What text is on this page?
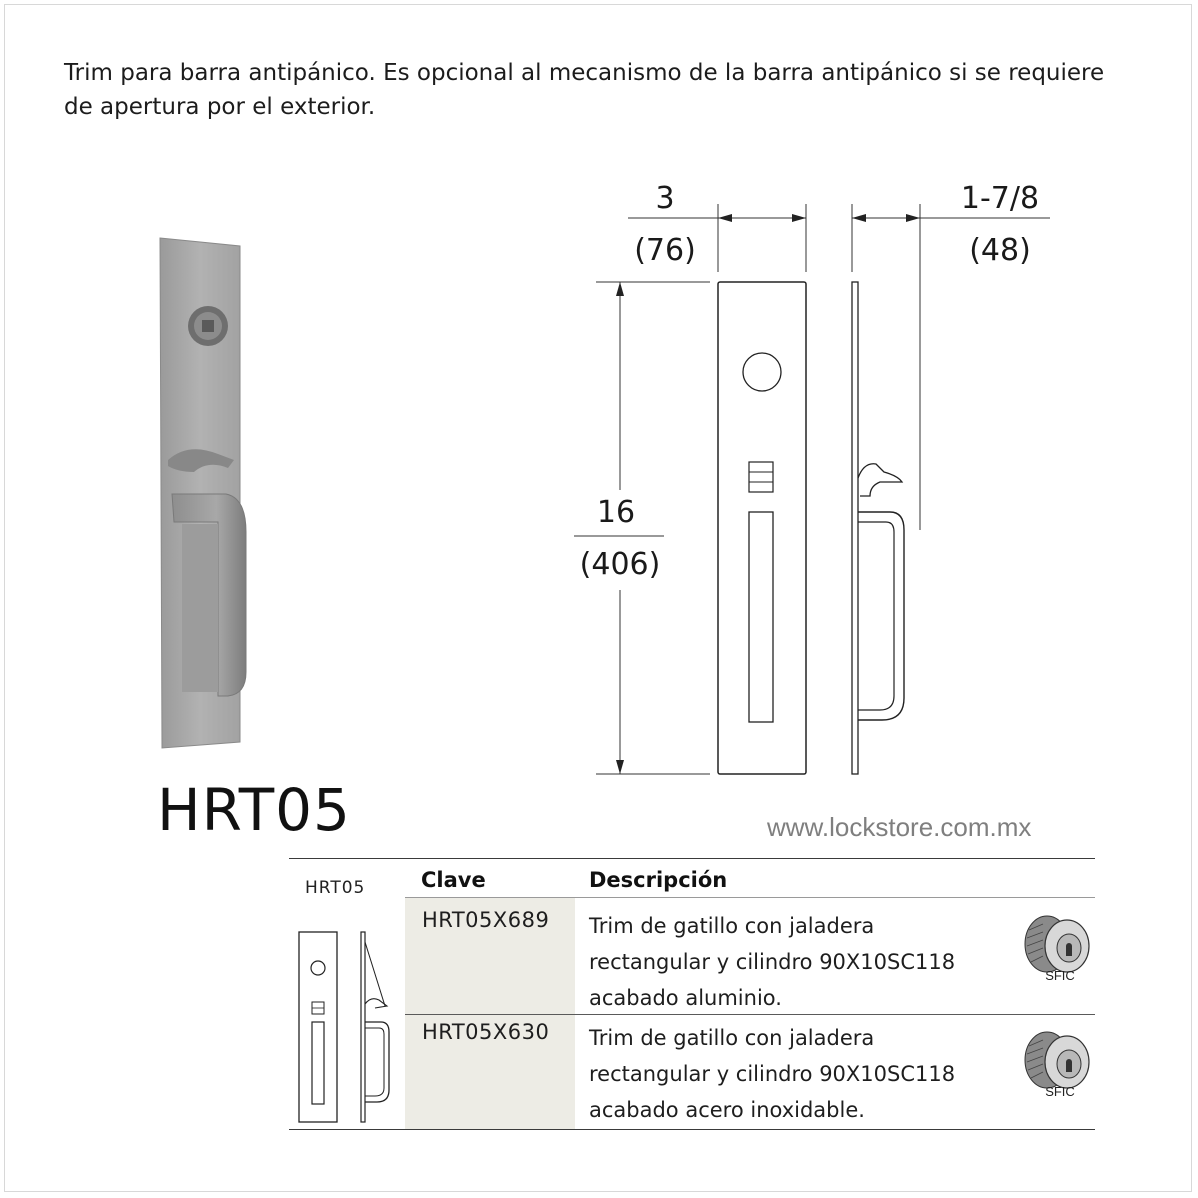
Trim para barra antipánico. Es opcional al mecanismo de la barra antipánico si se requiere de apertura por el exterior.

3
(76)
1-7/8
(48)
16
(406)
HRT05	www.lockstore.com.mx
HRT05	Clave	Descripción
HRT05X689 Trim de gatillo con jaladera
rectangular y cilindro 90X10SC118
acabado aluminio.
SFIC
HRT05X630 Trim de gatillo con jaladera
rectangular y cilindro 90X10SC118
acabado acero inoxidable.
SFIC
